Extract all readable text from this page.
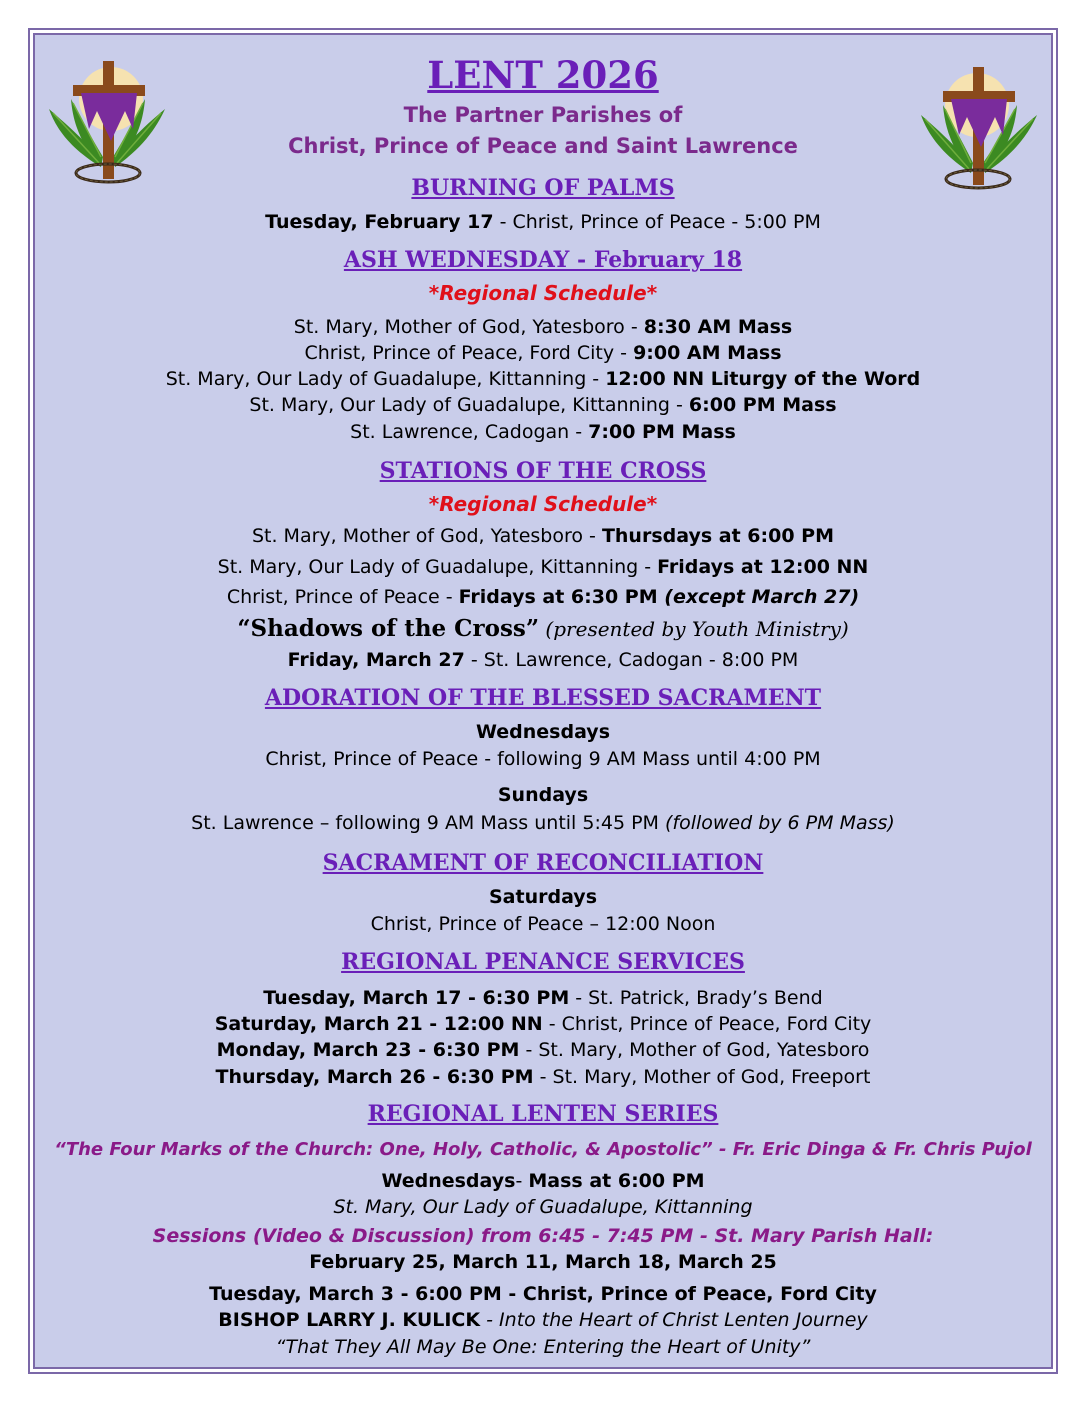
LENT 2026
The Partner Parishes of
Christ, Prince of Peace and Saint Lawrence
BURNING OF PALMS
Tuesday, February 17 - Christ, Prince of Peace - 5:00 PM
ASH WEDNESDAY - February 18
*Regional Schedule*
St. Mary, Mother of God, Yatesboro - 8:30 AM Mass
Christ, Prince of Peace, Ford City - 9:00 AM Mass
St. Mary, Our Lady of Guadalupe, Kittanning - 12:00 NN Liturgy of the Word
St. Mary, Our Lady of Guadalupe, Kittanning - 6:00 PM Mass
St. Lawrence, Cadogan - 7:00 PM Mass
STATIONS OF THE CROSS
*Regional Schedule*
St. Mary, Mother of God, Yatesboro - Thursdays at 6:00 PM
St. Mary, Our Lady of Guadalupe, Kittanning - Fridays at 12:00 NN
Christ, Prince of Peace - Fridays at 6:30 PM (except March 27)
“Shadows of the Cross” (presented by Youth Ministry)
Friday, March 27 - St. Lawrence, Cadogan - 8:00 PM
ADORATION OF THE BLESSED SACRAMENT
Wednesdays
Christ, Prince of Peace - following 9 AM Mass until 4:00 PM
Sundays
St. Lawrence – following 9 AM Mass until 5:45 PM (followed by 6 PM Mass)
SACRAMENT OF RECONCILIATION
Saturdays
Christ, Prince of Peace – 12:00 Noon
REGIONAL PENANCE SERVICES
Tuesday, March 17 - 6:30 PM - St. Patrick, Brady’s Bend
Saturday, March 21 - 12:00 NN - Christ, Prince of Peace, Ford City
Monday, March 23 - 6:30 PM - St. Mary, Mother of God, Yatesboro
Thursday, March 26 - 6:30 PM - St. Mary, Mother of God, Freeport
REGIONAL LENTEN SERIES
“The Four Marks of the Church: One, Holy, Catholic, & Apostolic” - Fr. Eric Dinga & Fr. Chris Pujol
Wednesdays- Mass at 6:00 PM
St. Mary, Our Lady of Guadalupe, Kittanning
Sessions (Video & Discussion) from 6:45 - 7:45 PM - St. Mary Parish Hall:
February 25, March 11, March 18, March 25
Tuesday, March 3 - 6:00 PM - Christ, Prince of Peace, Ford City
BISHOP LARRY J. KULICK - Into the Heart of Christ Lenten Journey
“That They All May Be One: Entering the Heart of Unity”
